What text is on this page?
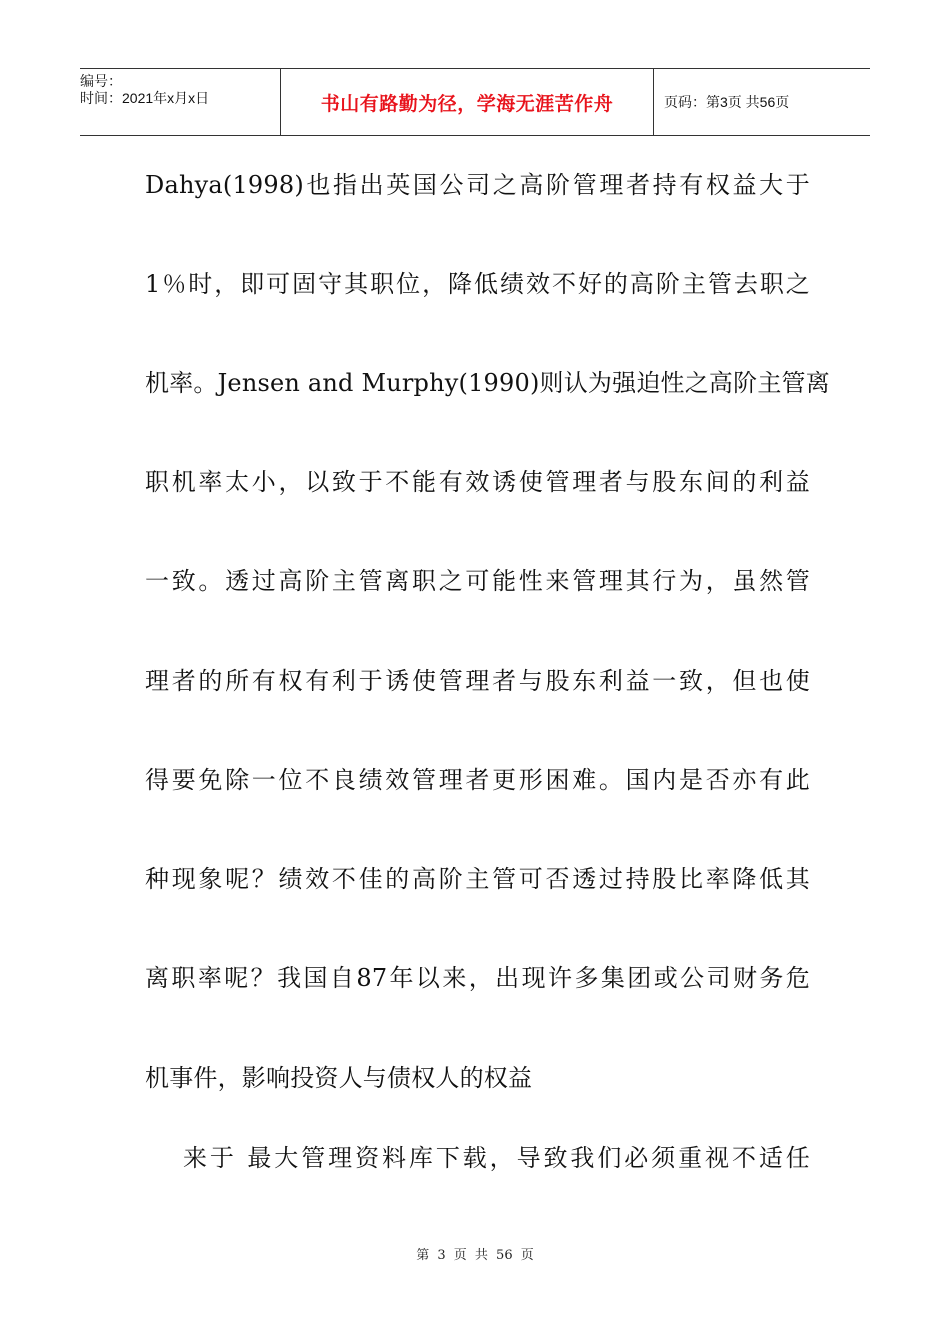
编号：
时间：2021年x月x日	书山有路勤为径，学海无涯苦作舟	页码：第3页 共56页
Dahya(1998)也指出英国公司之高阶管理者持有权益大于
1％时，即可固守其职位，降低绩效不好的高阶主管去职之
机率。Jensen and Murphy(1990)则认为强迫性之高阶主管离
职机率太小，以致于不能有效诱使管理者与股东间的利益
一致。透过高阶主管离职之可能性来管理其行为，虽然管
理者的所有权有利于诱使管理者与股东利益一致，但也使
得要免除一位不良绩效管理者更形困难。国内是否亦有此
种现象呢？绩效不佳的高阶主管可否透过持股比率降低其
离职率呢？我国自87年以来，出现许多集团或公司财务危
机事件，影响投资人与债权人的权益
来于 最大管理资料库下载，导致我们必须重视不适任
第 3 页 共 56 页
